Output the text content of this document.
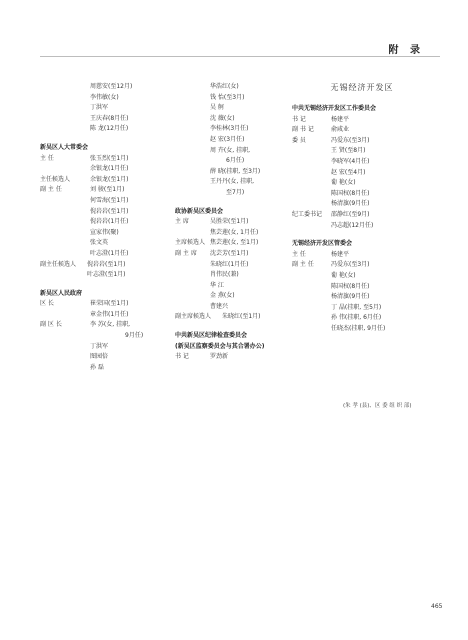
附 录
周慈安(至12月)
李伟敏(女)
丁洪军
王庆春(8月任)
陈 龙(12月任)
新吴区人大常委会
主 任	张玉烈(至1月)
余银龙(1月任)
主任候选人	余银龙(至1月)
副 主 任	刘 骏(至1月)
何雪海(至1月)
倪岩岩(至1月)
倪岩岩(1月任)
宣家伟(聚)
张文英
叶志澄(1月任)
副主任候选人 倪岩岩(至1月)
叶志澄(至1月)
新吴区人民政府
区 长	崔荣国(至1月)
章金伟(1月任)
副 区 长	李 苏(女, 挂职,
9月任)
丁洪军
图园倍
孙 磊
华浩红(女)
钱 怡(至3月)
吴 舸
沈 薇(女)
李桂林(3月任)
赵 宏(3月任)
周 卉(女, 挂职,
6月任)
薛 晓(挂职, 至3月)
王丹丹(女, 挂职,
至7月)
政协新吴区委员会
主 席	吴胜荣(至1月)
焦芸莲(女, 1月任)
主席候选人 焦芸莲(女, 至1月)
副 主 席 沈芸芳(至1月)
朱晓红(1月任)
肖伟民(兼)
华 江
金 燕(女)
曹建兴
副主席候选人 朱晓红(至1月)
中共新吴区纪律检查委员会
(新吴区监察委员会与其合署办公)
书 记	罗劲新
无锡经济开发区
中共无锡经济开发区工作委员会
书 记	杨建平
副 书 记	俞咸业
委 员	冯爱东(至3月)
王 贤(至8月)
李晓军(4月任)
赵 宏(至4月)
葡 艳(女)
陈国权(8月任)
杨清旗(9月任)
纪工委书记 邵静红(至9月)
冯志超(12月任)
无锡经济开发区管委会
主 任	杨建平
副 主 任	冯爱东(至3月)
葡 艳(女)
陈国权(8月任)
杨清旗(9月任)
丁 晶(挂职, 至5月)
孙 伟(挂职, 6月任)
任晓杰(挂职, 9月任)
(朱 孝 (县)、区 委 组 织 部)
465
